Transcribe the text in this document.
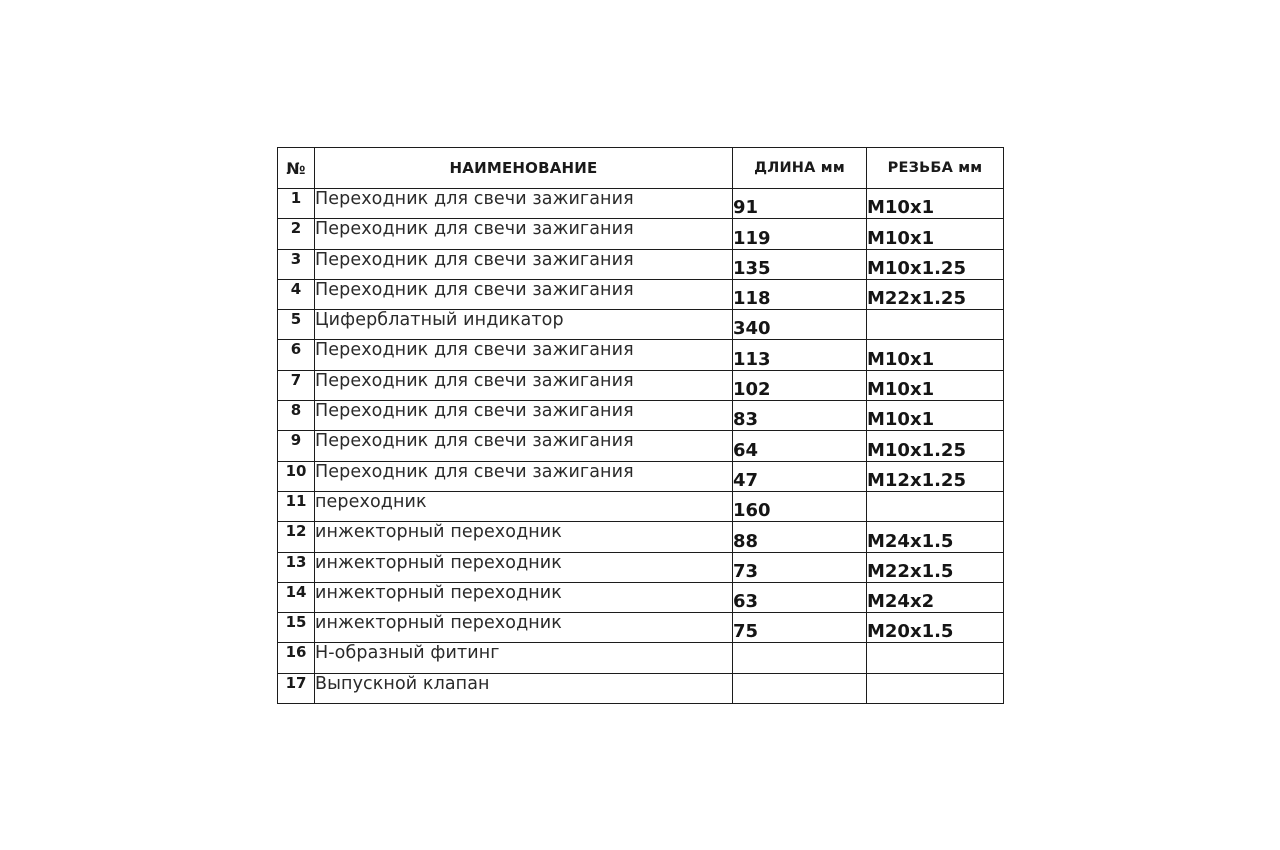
№	НАИМЕНОВАНИЕ	ДЛИНА мм	РЕЗЬБА мм
1	Переходник для свечи зажигания	91	M10x1
2	Переходник для свечи зажигания	119	M10x1
3	Переходник для свечи зажигания	135	M10x1.25
4	Переходник для свечи зажигания	118	M22x1.25
5	Циферблатный индикатор	340	
6	Переходник для свечи зажигания	113	M10x1
7	Переходник для свечи зажигания	102	M10x1
8	Переходник для свечи зажигания	83	M10x1
9	Переходник для свечи зажигания	64	M10x1.25
10	Переходник для свечи зажигания	47	M12x1.25
11	переходник	160	
12	инжекторный переходник	88	M24x1.5
13	инжекторный переходник	73	M22x1.5
14	инжекторный переходник	63	M24x2
15	инжекторный переходник	75	M20x1.5
16	Н-образный фитинг		
17	Выпускной клапан		
